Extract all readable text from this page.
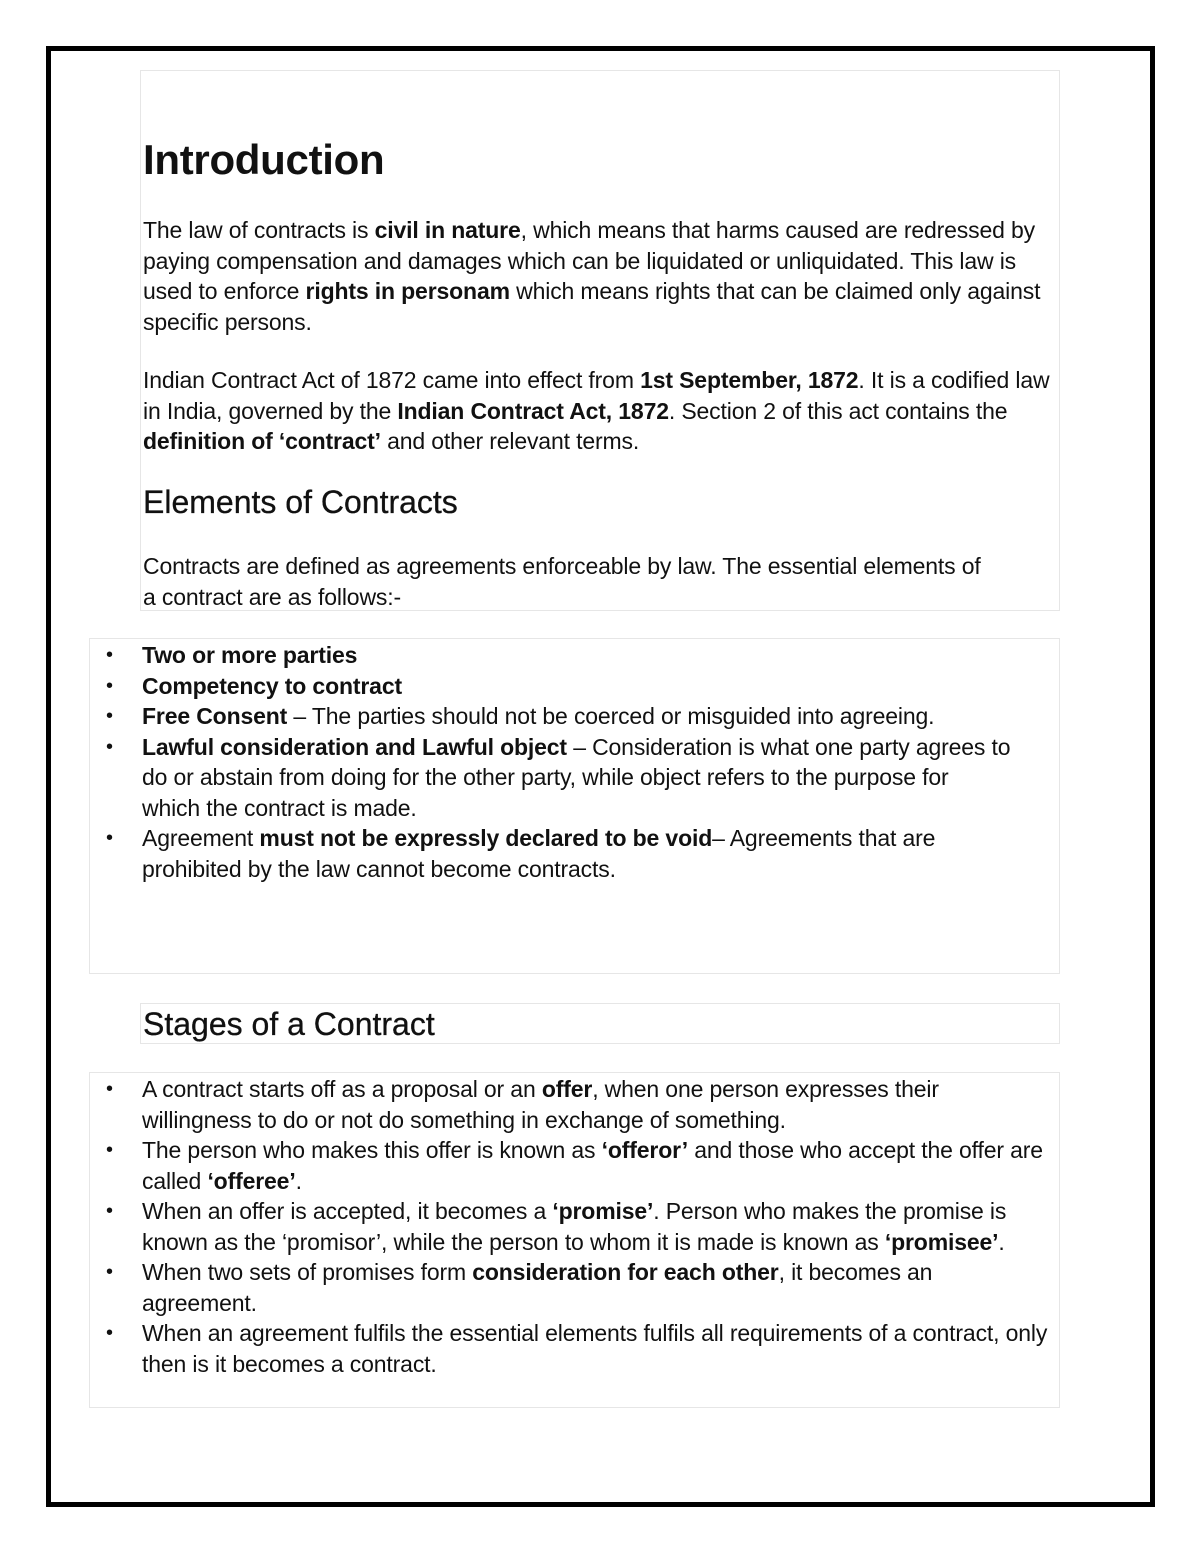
Introduction

The law of contracts is civil in nature, which means that harms caused are redressed by paying compensation and damages which can be liquidated or unliquidated. This law is used to enforce rights in personam which means rights that can be claimed only against specific persons.

Indian Contract Act of 1872 came into effect from 1st September, 1872. It is a codified law in India, governed by the Indian Contract Act, 1872. Section 2 of this act contains the definition of ‘contract’ and other relevant terms.

Elements of Contracts

Contracts are defined as agreements enforceable by law. The essential elements of a contract are as follows:-

• Two or more parties
• Competency to contract
• Free Consent – The parties should not be coerced or misguided into agreeing.
• Lawful consideration and Lawful object – Consideration is what one party agrees to
do or abstain from doing for the other party, while object refers to the purpose for
which the contract is made.
• Agreement must not be expressly declared to be void– Agreements that are prohibited by the law cannot become contracts.
Stages of a Contract
• A contract starts off as a proposal or an offer, when one person expresses their willingness to do or not do something in exchange of something.
• The person who makes this offer is known as ‘offeror’ and those who accept the offer are called ‘offeree’.
• When an offer is accepted, it becomes a ‘promise’. Person who makes the promise is known as the ‘promisor’, while the person to whom it is made is known as ‘promisee’.
• When two sets of promises form consideration for each other, it becomes an agreement.
• When an agreement fulfils the essential elements fulfils all requirements of a contract, only then is it becomes a contract.
